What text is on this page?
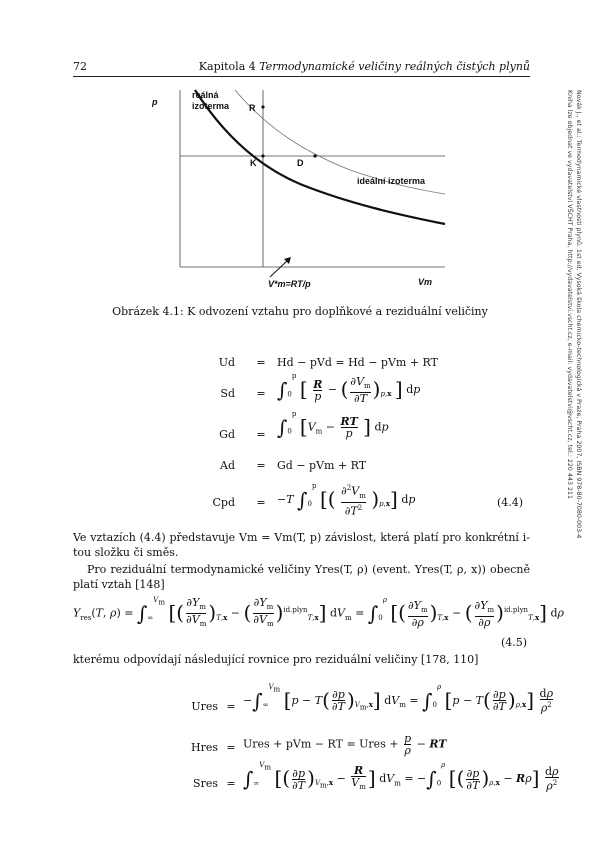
72	Kapitola 4 Termodynamické veličiny reálných čistých plynů
Novák J., et al.: Termodynamické vlastnosti plynů. 1st ed. Vysoká škola chemicko-technologická v Praze, Praha 2007. ISBN 978-80-7080-003-4
Kniha lze objednat ve vydavatelství VŠCHT Praha, http://vydavatelstvi.vscht.cz, e-mail: vydavatelstvi@vscht.cz, tel.: 220 443 211
p
reálná
izoterma R
K	D
ideální izoterma
V*m=RT/p	Vm
Obrázek 4.1: K odvození vztahu pro doplňkové a reziduální veličiny
Ud = Hd − pVd = Hd − pVm + RT
$Sd = \int_0^p$ [ $\frac{R}{p}$ − ( $\frac{\partial V_m}{\partial T} )_{p,x}$ ] dp
$Gd = \int_0^p$ [$V_m - \frac{RT}{p}$ ] dp
Ad = Gd − pVm + RT
Cpd = −T $\int_0^p$ [( $\frac{\partial^2V_m}{\partial T^2} )_{p,x}$] dp	(4.4)
Ve vztazích (4.4) představuje Vm = Vm(T, p) závislost, která platí pro konkrétní i-tou složku či směs.
Pro reziduální termodynamické veličiny Yres(T, ρ) (event. Yres(T, ρ, x)) obecně platí vztah [148]
$Y_{res}(T$, $\rho) = \int_\infty^{V_m}$ [( $\frac{\partial Y_m}{\partial V_m} )_{T,x}$ − ( $\frac{\partial Y_m}{\partial V_m} )^{id.plyn}_{T,x}$] $dV_m = \int_0^\rho$ [( $\frac{\partial Y_m}{\partial\rho} )_{T,x}$ − ( $\frac{\partial Y_m}{\partial\rho} )^{id.plyn}_{T,x}$] dρ
(4.5)
kterému odpovídají následující rovnice pro reziduální veličiny [178, 110]
Ures = $-\int_\infty^{V_m}$ $[p - T( \frac{\partial p}{\partial T} )_{V_m,x}]$ $dV_m = \int_0^\rho$ $[p - T( \frac{\partial p}{\partial T} )_{\rho,x}] \frac{d\rho}{\rho^2}$
Hres = Ures + pVm − RT = Ures + $\frac{p}{\rho}$ − RT
Sres = $\int_\infty^{V_m}$ [( $\frac{\partial p}{\partial T} )_{V_m,x} - \frac{R}{V_m}$ ] $dV_m = -\int_0^\rho$ [( $\frac{\partial p}{\partial T} )_{\rho,x} - R\rho] \frac{d\rho}{\rho^2}$
